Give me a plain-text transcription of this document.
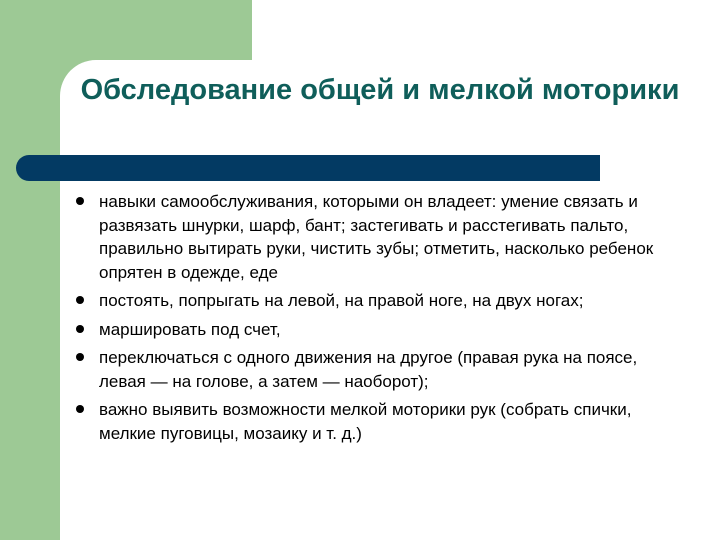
Обследование общей и мелкой моторики
навыки самообслуживания, которыми он владеет: умение связать и развязать шнурки, шарф, бант; застегивать и расстегивать пальто, правильно вытирать руки, чистить зубы; отметить, насколько ребенок опрятен в одежде, еде
постоять, попрыгать на левой, на правой ноге, на двух ногах;
маршировать под счет,
переключаться с одного движения на другое (правая рука на поясе, левая — на голове, а затем — наоборот);
важно выявить возможности мелкой моторики рук (собрать спички, мелкие пуговицы, мозаику и т. д.)
